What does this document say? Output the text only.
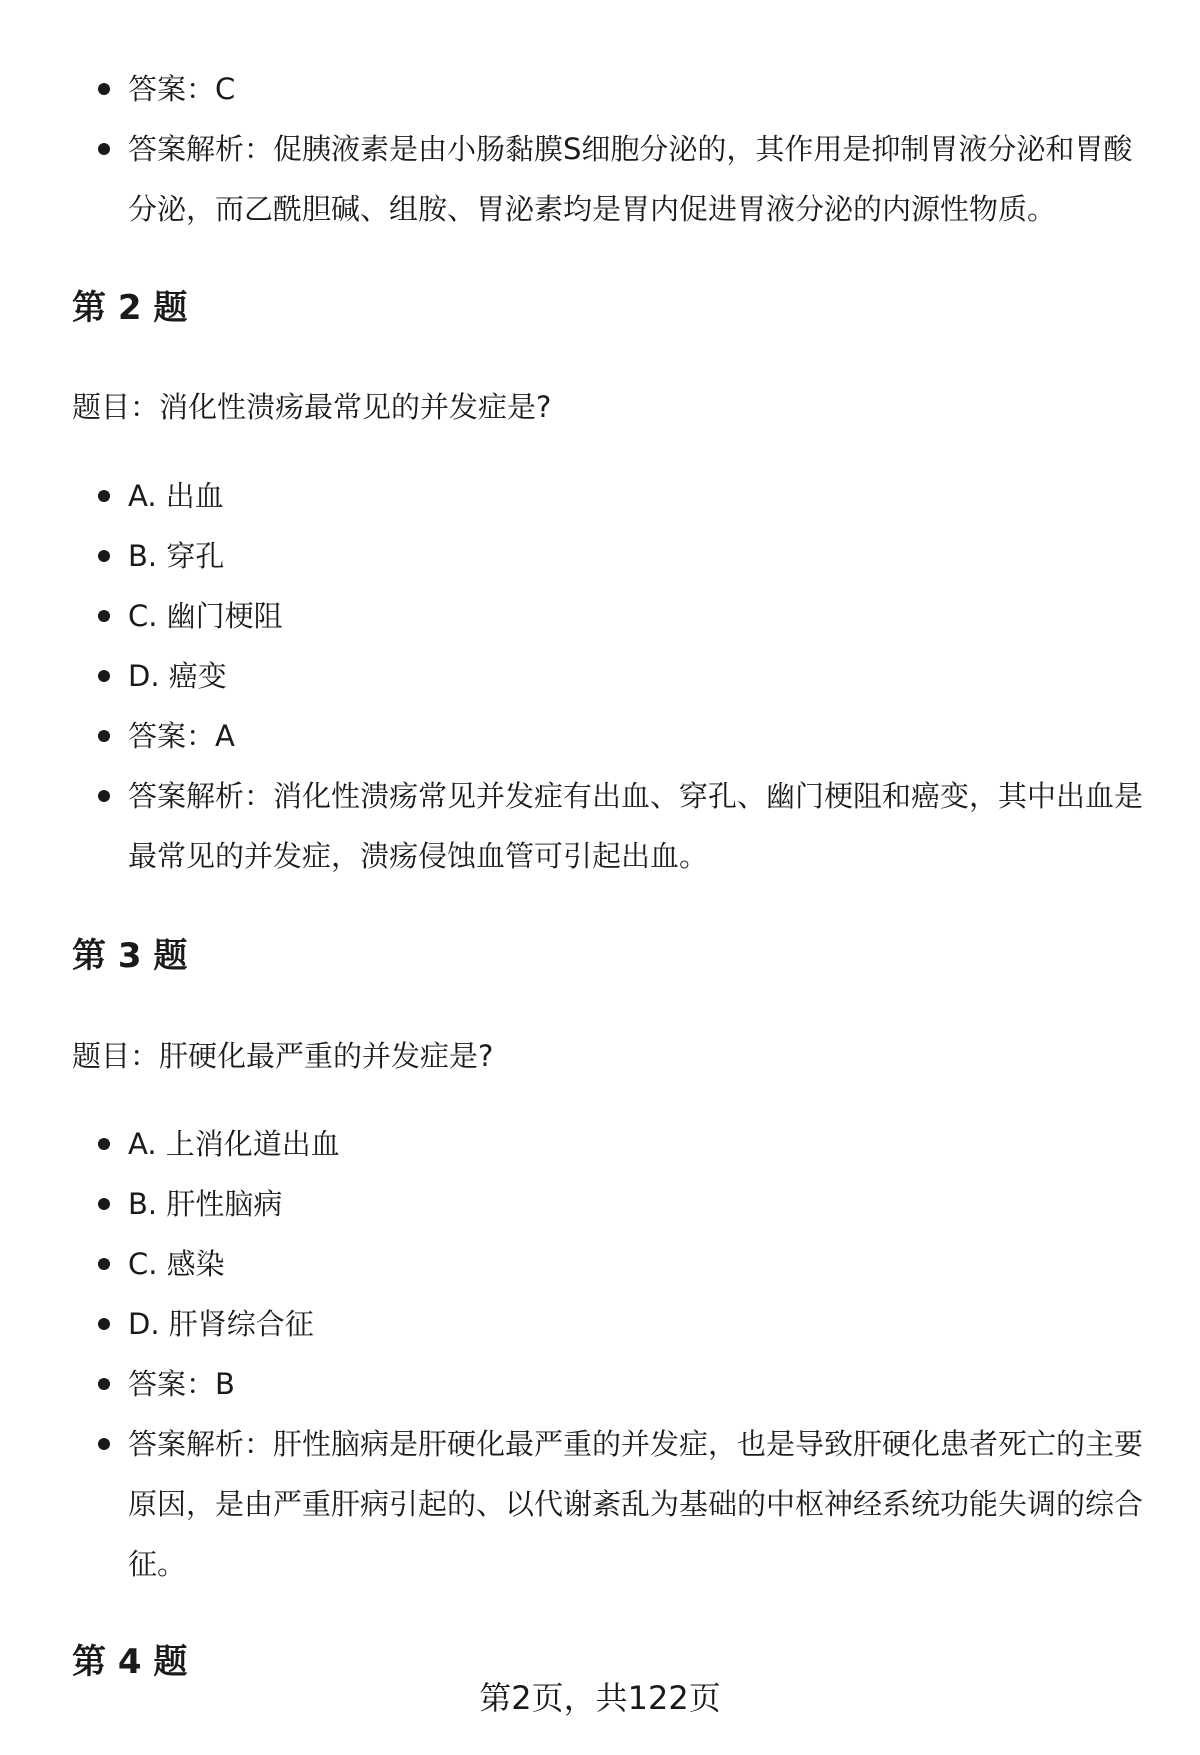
答案：C
答案解析：促胰液素是由小肠黏膜S细胞分泌的，其作用是抑制胃液分泌和胃酸分泌，而乙酰胆碱、组胺、胃泌素均是胃内促进胃液分泌的内源性物质。
第 2 题
题目：消化性溃疡最常见的并发症是?
A. 出血
B. 穿孔
C. 幽门梗阻
D. 癌变
答案：A
答案解析：消化性溃疡常见并发症有出血、穿孔、幽门梗阻和癌变，其中出血是最常见的并发症，溃疡侵蚀血管可引起出血。
第 3 题
题目：肝硬化最严重的并发症是?
A. 上消化道出血
B. 肝性脑病
C. 感染
D. 肝肾综合征
答案：B
答案解析：肝性脑病是肝硬化最严重的并发症，也是导致肝硬化患者死亡的主要原因，是由严重肝病引起的、以代谢紊乱为基础的中枢神经系统功能失调的综合征。
第 4 题
第2页，共122页
